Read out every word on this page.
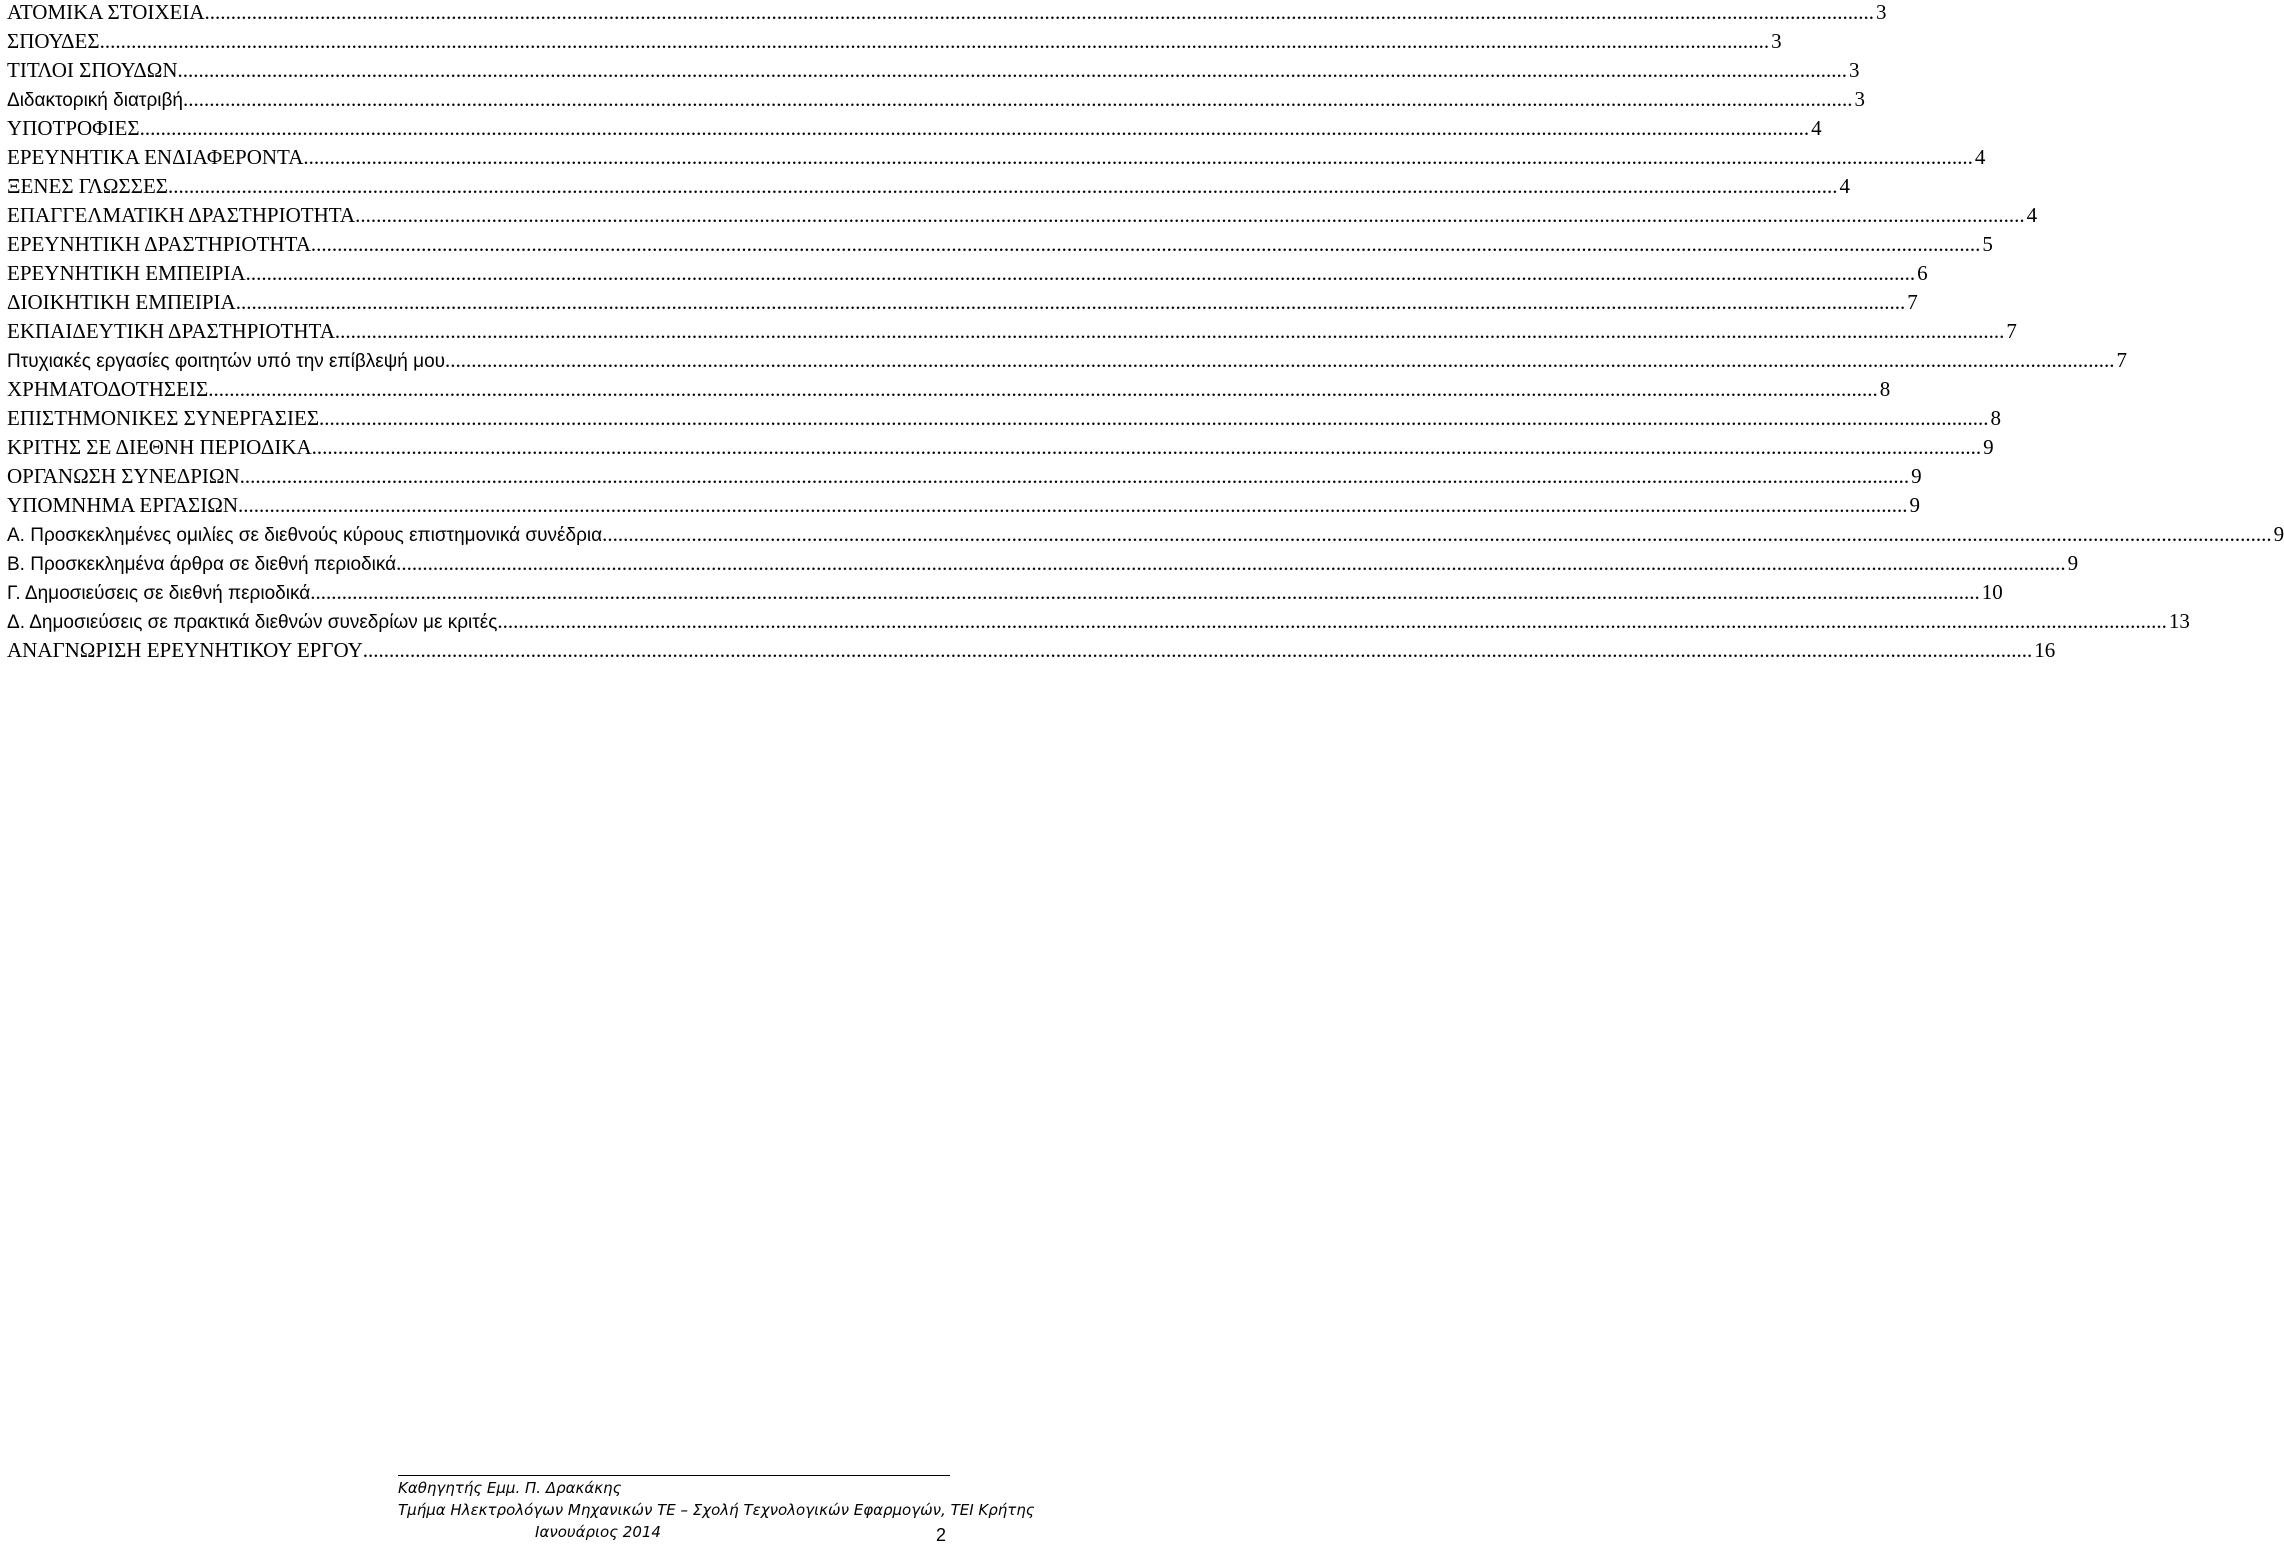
ΑΤΟΜΙΚΑ ΣΤΟΙΧΕΙΑ .....	3
ΣΠΟΥΔΕΣ .....	3
ΤΙΤΛΟΙ ΣΠΟΥΔΩΝ .....	3
Διδακτορική διατριβή .....	3
ΥΠΟΤΡΟΦΙΕΣ .....	4
ΕΡΕΥΝΗΤΙΚΑ ΕΝΔΙΑΦΕΡΟΝΤΑ .....	4
ΞΕΝΕΣ ΓΛΩΣΣΕΣ .....	4
ΕΠΑΓΓΕΛΜΑΤΙΚΗ ΔΡΑΣΤΗΡΙΟΤΗΤΑ .....	4
ΕΡΕΥΝΗΤΙΚΗ ΔΡΑΣΤΗΡΙΟΤΗΤΑ .....	5
ΕΡΕΥΝΗΤΙΚΗ ΕΜΠΕΙΡΙΑ .....	6
ΔΙΟΙΚΗΤΙΚΗ ΕΜΠΕΙΡΙΑ .....	7
ΕΚΠΑΙΔΕΥΤΙΚΗ ΔΡΑΣΤΗΡΙΟΤΗΤΑ .....	7
Πτυχιακές εργασίες φοιτητών υπό την επίβλεψή μου .....	7
ΧΡΗΜΑΤΟΔΟΤΗΣΕΙΣ .....	8
ΕΠΙΣΤΗΜΟΝΙΚΕΣ ΣΥΝΕΡΓΑΣΙΕΣ .....	8
ΚΡΙΤΗΣ ΣΕ ΔΙΕΘΝΗ ΠΕΡΙΟΔΙΚΑ .....	9
ΟΡΓΑΝΩΣΗ ΣΥΝΕΔΡΙΩΝ .....	9
ΥΠΟΜΝΗΜΑ ΕΡΓΑΣΙΩΝ .....	9
Α. Προσκεκλημένες ομιλίες σε διεθνούς κύρους επιστημονικά συνέδρια .....	9
Β. Προσκεκλημένα άρθρα σε διεθνή περιοδικά .....	9
Γ. Δημοσιεύσεις σε διεθνή περιοδικά .....	10
Δ. Δημοσιεύσεις σε πρακτικά διεθνών συνεδρίων με κριτές .....	13
ΑΝΑΓΝΩΡΙΣΗ ΕΡΕΥΝΗΤΙΚΟΥ ΕΡΓΟΥ .....	16
Καθηγητής Εμμ. Π. Δρακάκης
Τμήμα Ηλεκτρολόγων Μηχανικών ΤΕ – Σχολή Τεχνολογικών Εφαρμογών, ΤΕΙ Κρήτης
Ιανουάριος 2014	2
